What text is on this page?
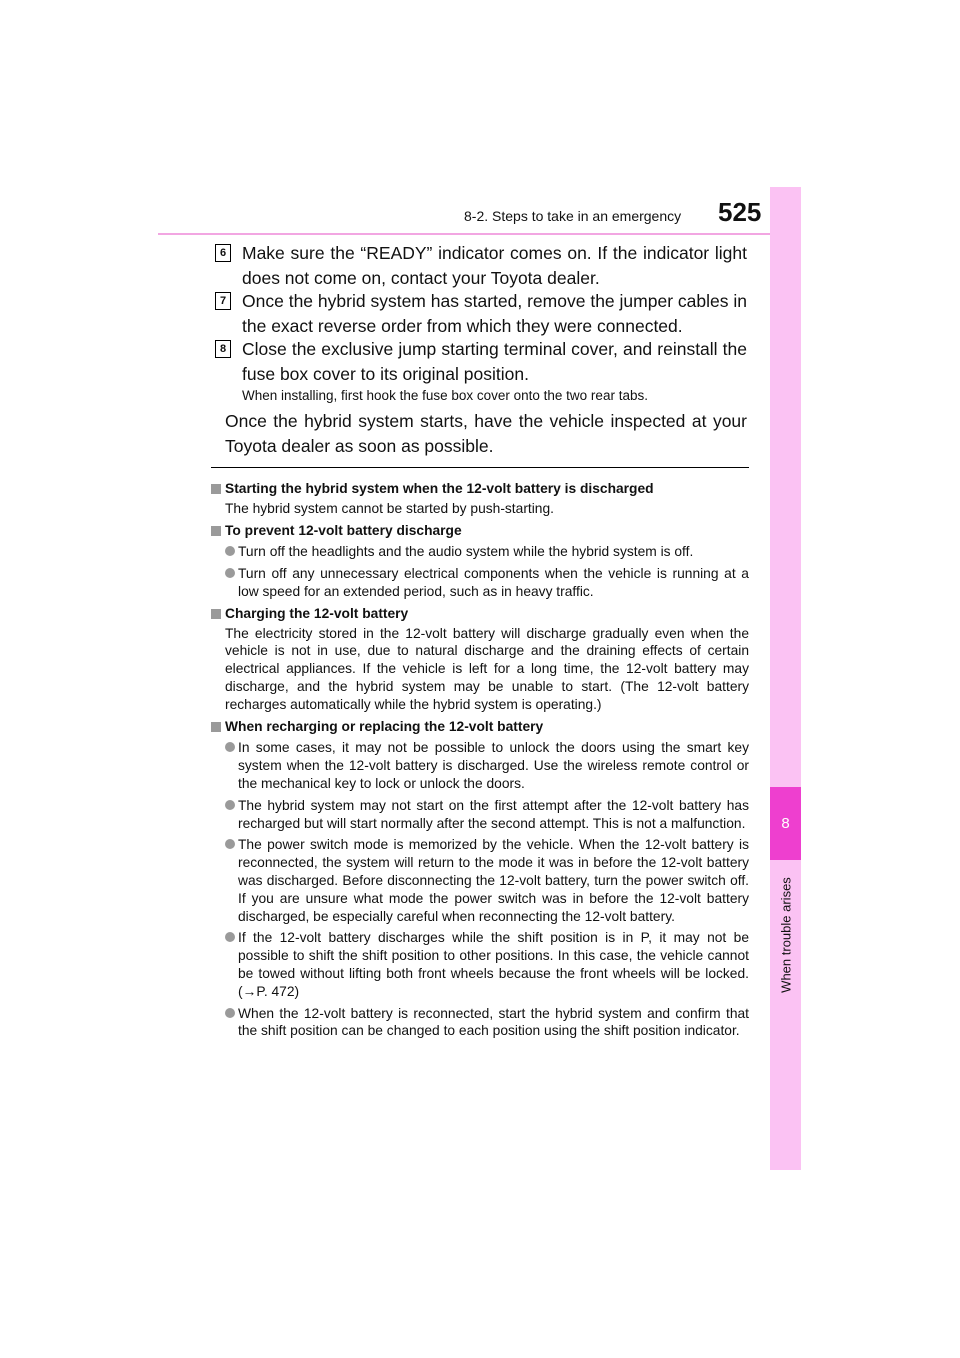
525
8-2. Steps to take in an emergency
8
When trouble arises
6 Make sure the “READY” indicator comes on. If the indicator light does not come on, contact your Toyota dealer.
7 Once the hybrid system has started, remove the jumper cables in the exact reverse order from which they were connected.
8 Close the exclusive jump starting terminal cover, and reinstall the fuse box cover to its original position.
When installing, first hook the fuse box cover onto the two rear tabs.
Once the hybrid system starts, have the vehicle inspected at your Toyota dealer as soon as possible.
Starting the hybrid system when the 12-volt battery is discharged
The hybrid system cannot be started by push-starting.
To prevent 12-volt battery discharge
Turn off the headlights and the audio system while the hybrid system is off.
Turn off any unnecessary electrical components when the vehicle is running at a low speed for an extended period, such as in heavy traffic.
Charging the 12-volt battery
The electricity stored in the 12-volt battery will discharge gradually even when the vehicle is not in use, due to natural discharge and the draining effects of certain electrical appliances. If the vehicle is left for a long time, the 12-volt battery may discharge, and the hybrid system may be unable to start. (The 12-volt battery recharges automatically while the hybrid system is operating.)
When recharging or replacing the 12-volt battery
In some cases, it may not be possible to unlock the doors using the smart key system when the 12-volt battery is discharged. Use the wireless remote control or the mechanical key to lock or unlock the doors.
The hybrid system may not start on the first attempt after the 12-volt battery has recharged but will start normally after the second attempt. This is not a malfunction.
The power switch mode is memorized by the vehicle. When the 12-volt battery is reconnected, the system will return to the mode it was in before the 12-volt battery was discharged. Before disconnecting the 12-volt battery, turn the power switch off. If you are unsure what mode the power switch was in before the 12-volt battery discharged, be especially careful when reconnecting the 12-volt battery.
If the 12-volt battery discharges while the shift position is in P, it may not be possible to shift the shift position to other positions. In this case, the vehicle cannot be towed without lifting both front wheels because the front wheels will be locked. (→P. 472)
When the 12-volt battery is reconnected, start the hybrid system and confirm that the shift position can be changed to each position using the shift position indicator.
